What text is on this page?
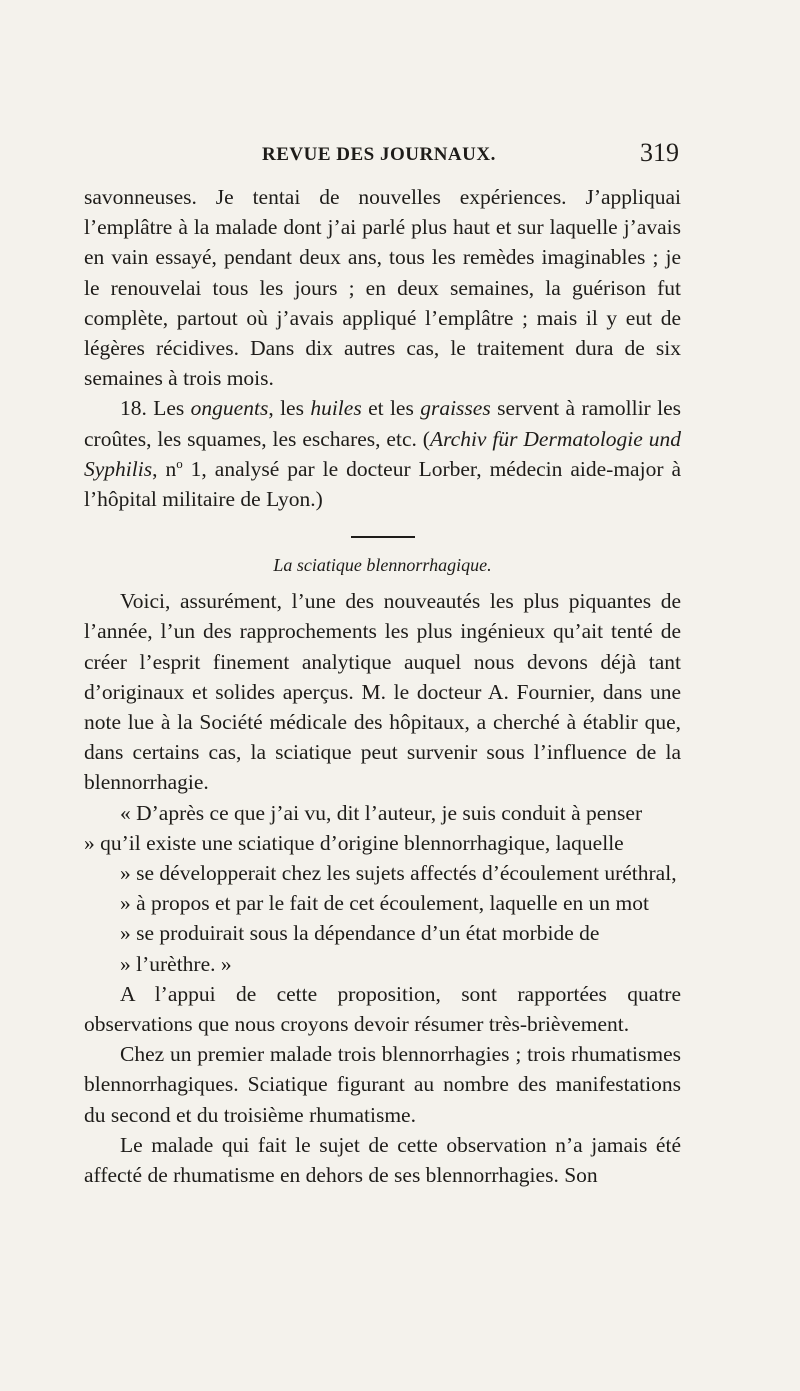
REVUE DES JOURNAUX.	319

savonneuses. Je tentai de nouvelles expériences. J’appliquai l’emplâtre à la malade dont j’ai parlé plus haut et sur laquelle j’avais en vain essayé, pendant deux ans, tous les remèdes imaginables ; je le renouvelai tous les jours ; en deux semaines, la guérison fut complète, partout où j’avais appliqué l’emplâtre ; mais il y eut de légères récidives. Dans dix autres cas, le traitement dura de six semaines à trois mois.

18. Les onguents, les huiles et les graisses servent à ramollir les croûtes, les squames, les eschares, etc. (Archiv für Dermatologie und Syphilis, $n^o$ 1, analysé par le docteur Lorber, médecin aide-major à l’hôpital militaire de Lyon.)

La sciatique blennorrhagique.

Voici, assurément, l’une des nouveautés les plus piquantes de l’année, l’un des rapprochements les plus ingénieux qu’ait tenté de créer l’esprit finement analytique auquel nous devons déjà tant d’originaux et solides aperçus. M. le docteur A. Fournier, dans une note lue à la Société médicale des hôpitaux, a cherché à établir que, dans certains cas, la sciatique peut survenir sous l’influence de la blennorrhagie.

« D’après ce que j’ai vu, dit l’auteur, je suis conduit à penser
» qu’il existe une sciatique d’origine blennorrhagique, laquelle
» se développerait chez les sujets affectés d’écoulement uréthral,
» à propos et par le fait de cet écoulement, laquelle en un mot
» se produirait sous la dépendance d’un état morbide de
» l’urèthre. »

A l’appui de cette proposition, sont rapportées quatre observations que nous croyons devoir résumer très-brièvement.

Chez un premier malade trois blennorrhagies ; trois rhumatismes blennorrhagiques. Sciatique figurant au nombre des manifestations du second et du troisième rhumatisme.

Le malade qui fait le sujet de cette observation n’a jamais été affecté de rhumatisme en dehors de ses blennorrhagies. Son
